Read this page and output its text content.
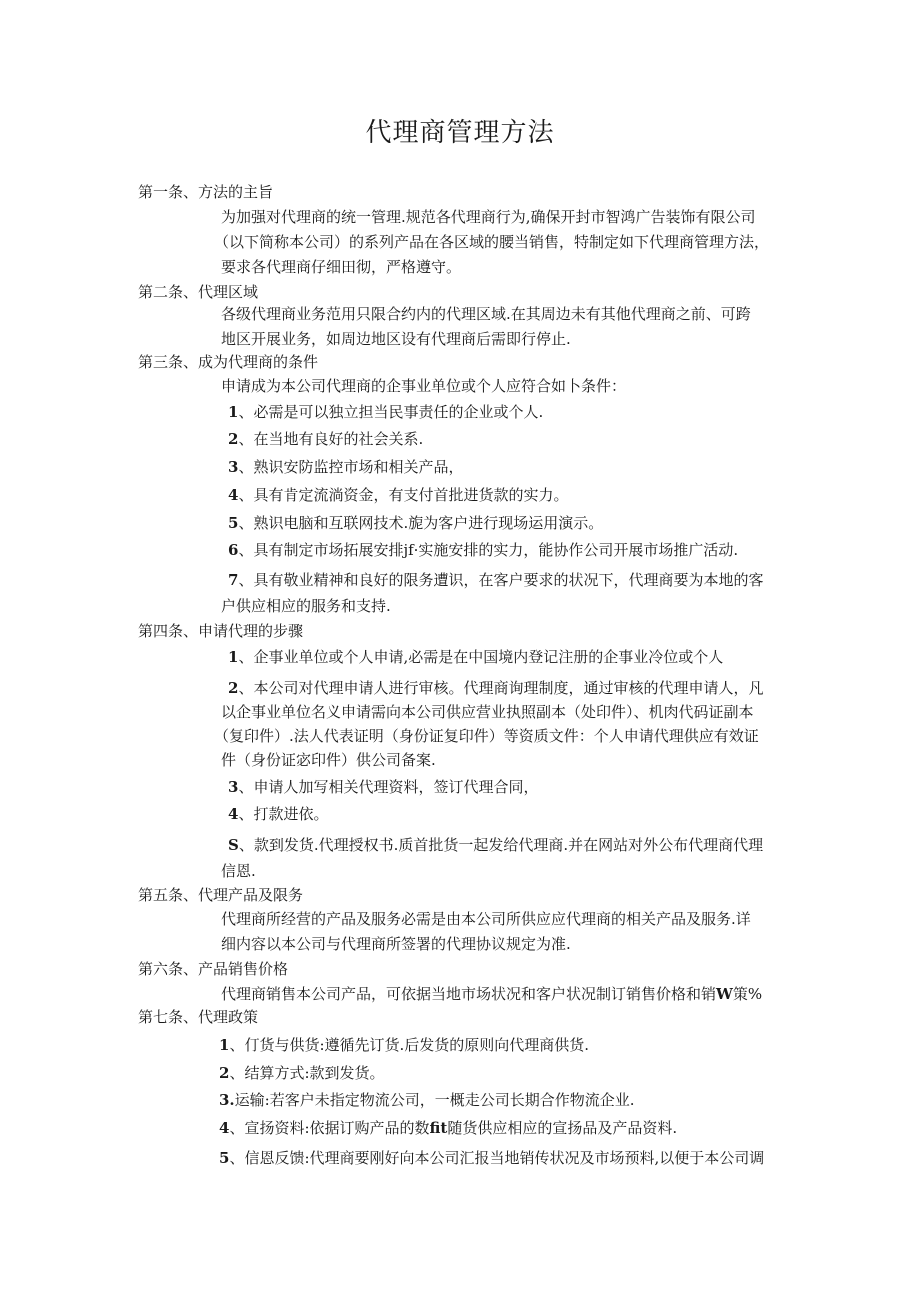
代理商管理方法
第一条、方法的主旨
为加强对代理商的统一管理.规范各代理商行为,确保开封市智鸿广告装饰有限公司
（以下简称本公司）的系列产品在各区域的腰当销售，特制定如下代理商管理方法，
要求各代理商仔细田彻，严格遵守。
第二条、代理区域
各级代理商业务范用只限合约内的代理区域.在其周边未有其他代理商之前、可跨
地区开展业务，如周边地区设有代理商后需即行停止.
第三条、成为代理商的条件
申请成为本公司代理商的企事业单位或个人应符合如卜条件：
1、必需是可以独立担当民事责任的企业或个人.
2、在当地有良好的社会关系.
3、熟识安防监控市场和相关产品，
4、具有肯定流淌资金，有支付首批进货款的实力。
5、熟识电脑和互联网技术.旎为客户进行现场运用演示。
6、具有制定市场拓展安排jf·实施安排的实力，能协作公司开展市场推广活动.
7、具有敬业精神和良好的限务遭识，在客户要求的状况下，代理商要为本地的客
户供应相应的服务和支持.
第四条、申请代理的步骤
1、企事业单位或个人申请,必需是在中国境内登记注册的企事业冷位或个人
2、本公司对代理申请人进行审核。代理商询理制度，通过审核的代理申请人，凡
以企事业单位名义申请需向本公司供应营业执照副本（处印件）、机肉代码证副本
（复印件）.法人代表证明（身份证复印件）等资质文件：个人申请代理供应有效证
件（身份证宓印件）供公司备案.
3、申请人加写相关代理资料，签订代理合同，
4、打款进依。
S、款到发货.代理授权书.质首批货一起发给代理商.并在网站对外公布代理商代理
信恩.
第五条、代理产品及限务
代理商所经营的产品及服务必需是由本公司所供应应代理商的相关产品及服务.详
细内容以本公司与代理商所签署的代理协议规定为准.
第六条、产品销售价格
代理商销售本公司产品，可依据当地市场状况和客户状况制订销售价格和销W策%
第七条、代理政策
1、仃货与供货:遵循先订货.后发货的原则向代理商供货.
2、结算方式:款到发货。
3.运输:若客户未指定物流公司，一概走公司长期合作物流企业.
4、宣扬资料:依据订购产品的数fit随货供应相应的宣扬品及产品资料.
5、信恩反馈:代理商要刚好向本公司汇报当地销传状况及市场预料,以便于本公司调
